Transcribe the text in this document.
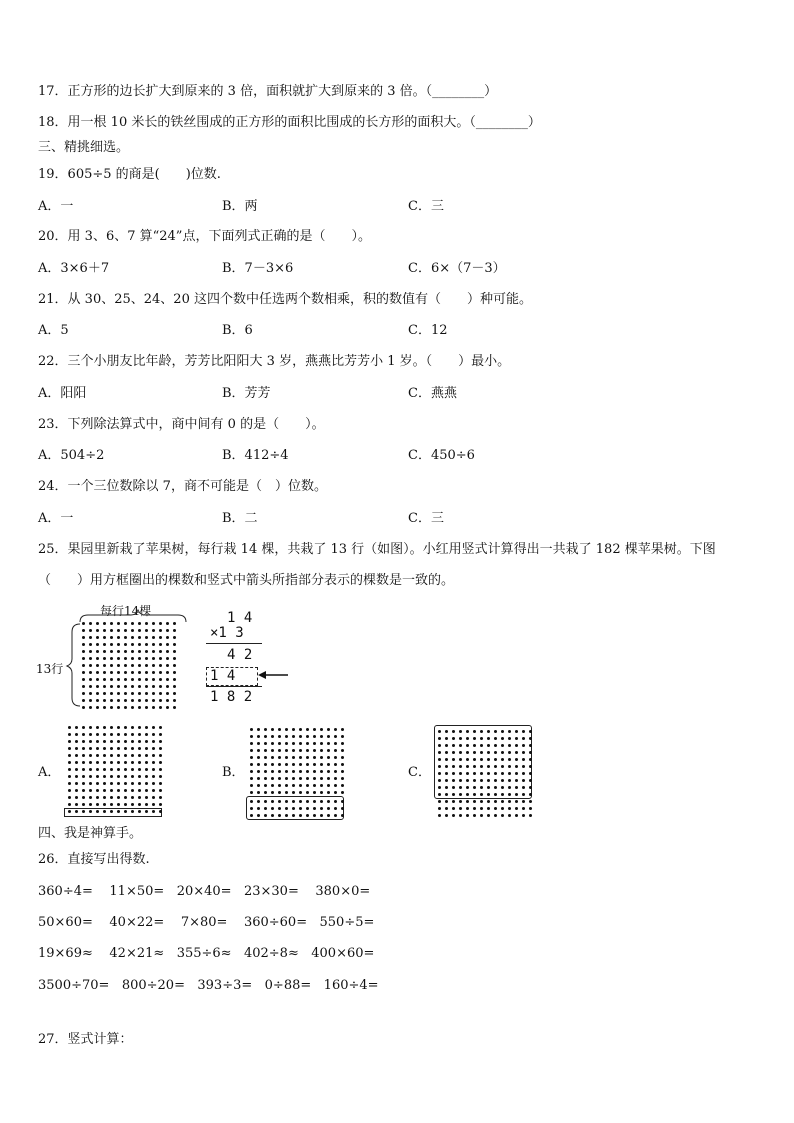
17．正方形的边长扩大到原来的 3 倍，面积就扩大到原来的 3 倍。（________）
18．用一根 10 米长的铁丝围成的正方形的面积比围成的长方形的面积大。（________）
三、精挑细选。
19．605÷5 的商是(　　)位数.
A．一	B．两	C．三
20．用 3、6、7 算“24”点，下面列式正确的是（　　）。
A．3×6＋7	B．7－3×6	C．6×（7－3）
21．从 30、25、24、20 这四个数中任选两个数相乘，积的数值有（　　）种可能。
A．5	B．6	C．12
22．三个小朋友比年龄，芳芳比阳阳大 3 岁，燕燕比芳芳小 1 岁。（　　）最小。
A．阳阳	B．芳芳	C．燕燕
23．下列除法算式中，商中间有 0 的是（　　）。
A．504÷2	B．412÷4	C．450÷6
24．一个三位数除以 7，商不可能是（　）位数。
A．一	B．二	C．三
25．果园里新栽了苹果树，每行栽 14 棵，共栽了 13 行（如图）。小红用竖式计算得出一共栽了 182 棵苹果树。下图
（　　）用方框圈出的棵数和竖式中箭头所指部分表示的棵数是一致的。
每行14棵
13行
1 4
×1 3
4 2
1 4
1 8 2
A．	B．	C．
四、我是神算手。
26．直接写出得数.
360÷4= 11×50= 20×40= 23×30= 380×0=
50×60= 40×22= 7×80= 360÷60= 550÷5=
19×69≈ 42×21≈ 355÷6≈ 402÷8≈ 400×60=
3500÷70= 800÷20= 393÷3= 0÷88= 160÷4=
27．竖式计算：
